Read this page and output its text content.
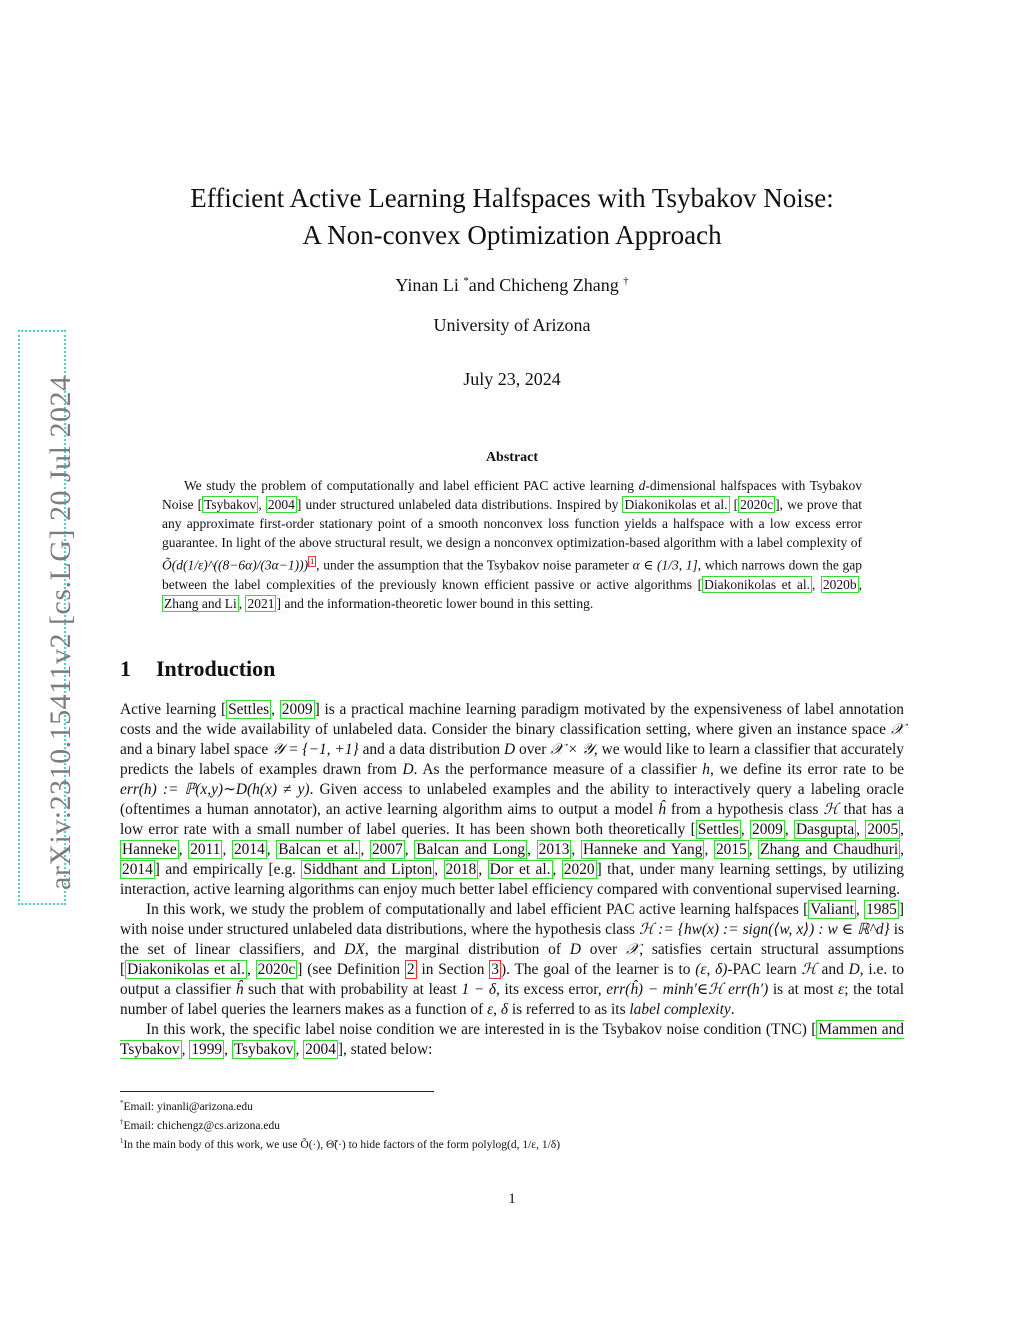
arXiv:2310.15411v2 [cs.LG] 20 Jul 2024
Efficient Active Learning Halfspaces with Tsybakov Noise:
A Non-convex Optimization Approach
Yinan Li *and Chicheng Zhang †
University of Arizona
July 23, 2024
Abstract

We study the problem of computationally and label efficient PAC active learning d-dimensional halfspaces with Tsybakov Noise [ Tsybakov , 2004 ] under structured unlabeled data distributions. Inspired by Diakonikolas et al. [ 2020c ], we prove that any approximate first-order stationary point of a smooth nonconvex loss function yields a halfspace with a low excess error guarantee. In light of the above structural result, we design a nonconvex optimization-based algorithm with a label complexity of Õ(d(1/ε)^((8−6α)/(3α−1))) $^1$ , under the assumption that the Tsybakov noise parameter α ∈ (1/3, 1], which narrows down the gap between the label complexities of the previously known efficient passive or active algorithms [ Diakonikolas et al. , 2020b , Zhang and Li , 2021 ] and the information-theoretic lower bound in this setting.

1 Introduction

Active learning [ Settles , 2009 ] is a practical machine learning paradigm motivated by the expensiveness of label annotation costs and the wide availability of unlabeled data. Consider the binary classification setting, where given an instance space 𝒳 and a binary label space 𝒴 = {−1, +1} and a data distribution D over 𝒳 × 𝒴, we would like to learn a classifier that accurately predicts the labels of examples drawn from D. As the performance measure of a classifier h, we define its error rate to be err(h) := ℙ(x,y)∼D(h(x) ≠ y). Given access to unlabeled examples and the ability to interactively query a labeling oracle (oftentimes a human annotator), an active learning algorithm aims to output a model ĥ from a hypothesis class ℋ that has a low error rate with a small number of label queries. It has been shown both theoretically [ Settles , 2009 , Dasgupta , 2005 , Hanneke , 2011 , 2014 , Balcan et al. , 2007 , Balcan and Long , 2013 , Hanneke and Yang , 2015 , Zhang and Chaudhuri , 2014 ] and empirically [e.g. Siddhant and Lipton , 2018 , Dor et al. , 2020 ] that, under many learning settings, by utilizing interaction, active learning algorithms can enjoy much better label efficiency compared with conventional supervised learning.

In this work, we study the problem of computationally and label efficient PAC active learning halfspaces [ Valiant , 1985 ] with noise under structured unlabeled data distributions, where the hypothesis class ℋ := {hw(x) := sign(⟨w, x⟩) : w ∈ ℝ^d} is the set of linear classifiers, and DX, the marginal distribution of D over 𝒳, satisfies certain structural assumptions [ Diakonikolas et al. , 2020c ] (see Definition 2 in Section 3 ). The goal of the learner is to (ε, δ)-PAC learn ℋ and D, i.e. to output a classifier ĥ such that with probability at least 1 − δ, its excess error, err(ĥ) − minh′∈ℋ err(h′) is at most ε; the total number of label queries the learners makes as a function of ε, δ is referred to as its label complexity.

In this work, the specific label noise condition we are interested in is the Tsybakov noise condition (TNC) [ Mammen and Tsybakov , 1999 , Tsybakov , 2004 ], stated below:

*Email: yinanli@arizona.edu
†Email: chichengz@cs.arizona.edu
$^1$In the main body of this work, we use Õ(·), Θ̃(·) to hide factors of the form polylog(d, 1/ε, 1/δ)
1
